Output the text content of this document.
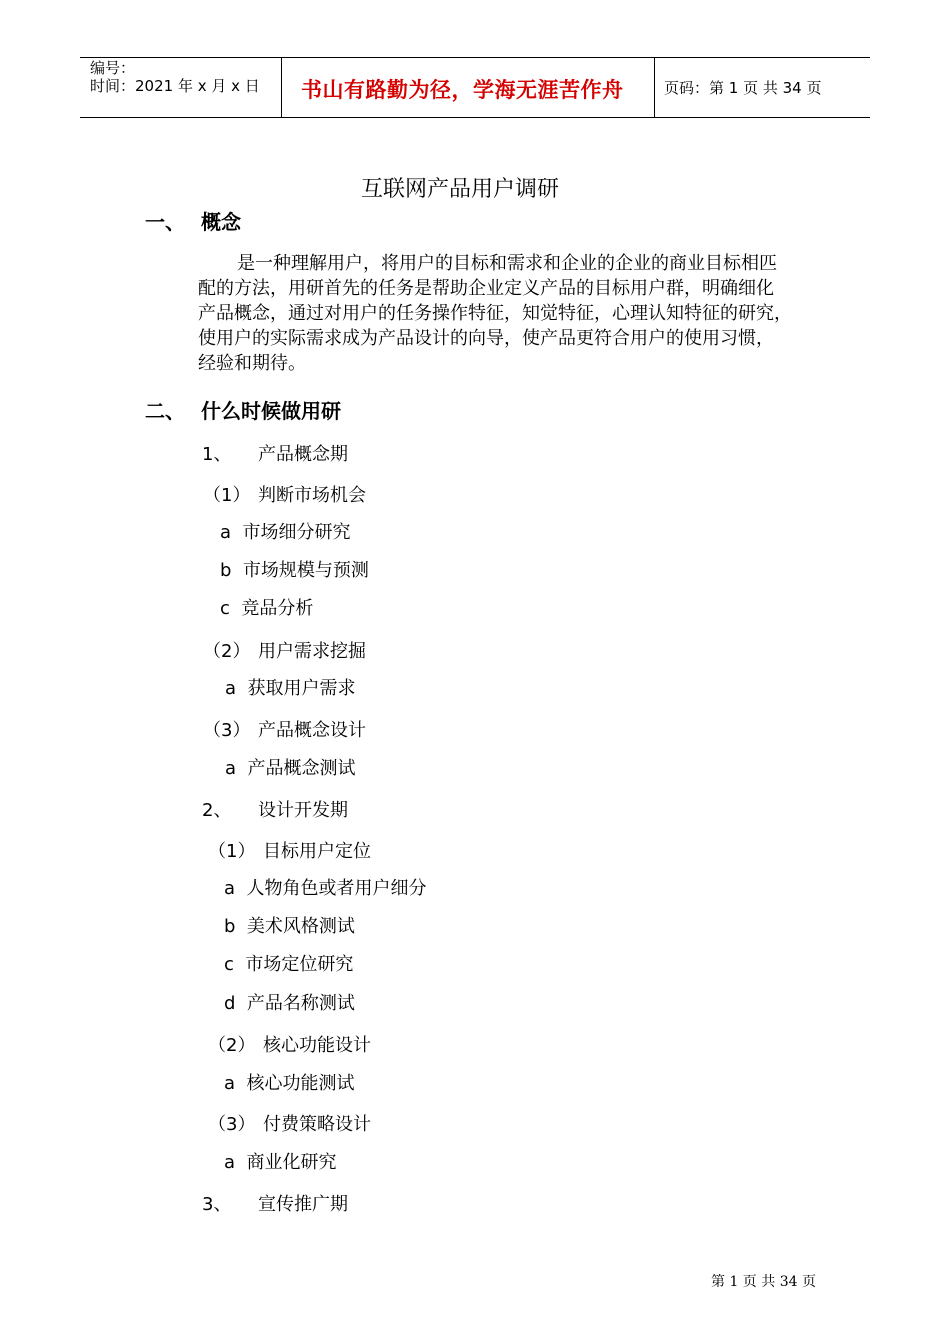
编号：
时间：2021 年 x 月 x 日 书山有路勤为径，学海无涯苦作舟	页码：第 1 页 共 34 页
互联网产品用户调研
一、 概念
是一种理解用户，将用户的目标和需求和企业的企业的商业目标相匹
配的方法，用研首先的任务是帮助企业定义产品的目标用户群，明确细化
产品概念，通过对用户的任务操作特征，知觉特征，心理认知特征的研究，
使用户的实际需求成为产品设计的向导，使产品更符合用户的使用习惯，
经验和期待。
二、 什么时候做用研
1、 产品概念期
（1） 判断市场机会
a 市场细分研究
b 市场规模与预测
c 竞品分析
（2） 用户需求挖掘
a 获取用户需求
（3） 产品概念设计
a 产品概念测试
2、 设计开发期
（1） 目标用户定位
a 人物角色或者用户细分
b 美术风格测试
c 市场定位研究
d 产品名称测试
（2） 核心功能设计
a 核心功能测试
（3） 付费策略设计
a 商业化研究
3、 宣传推广期
第 1 页 共 34 页
